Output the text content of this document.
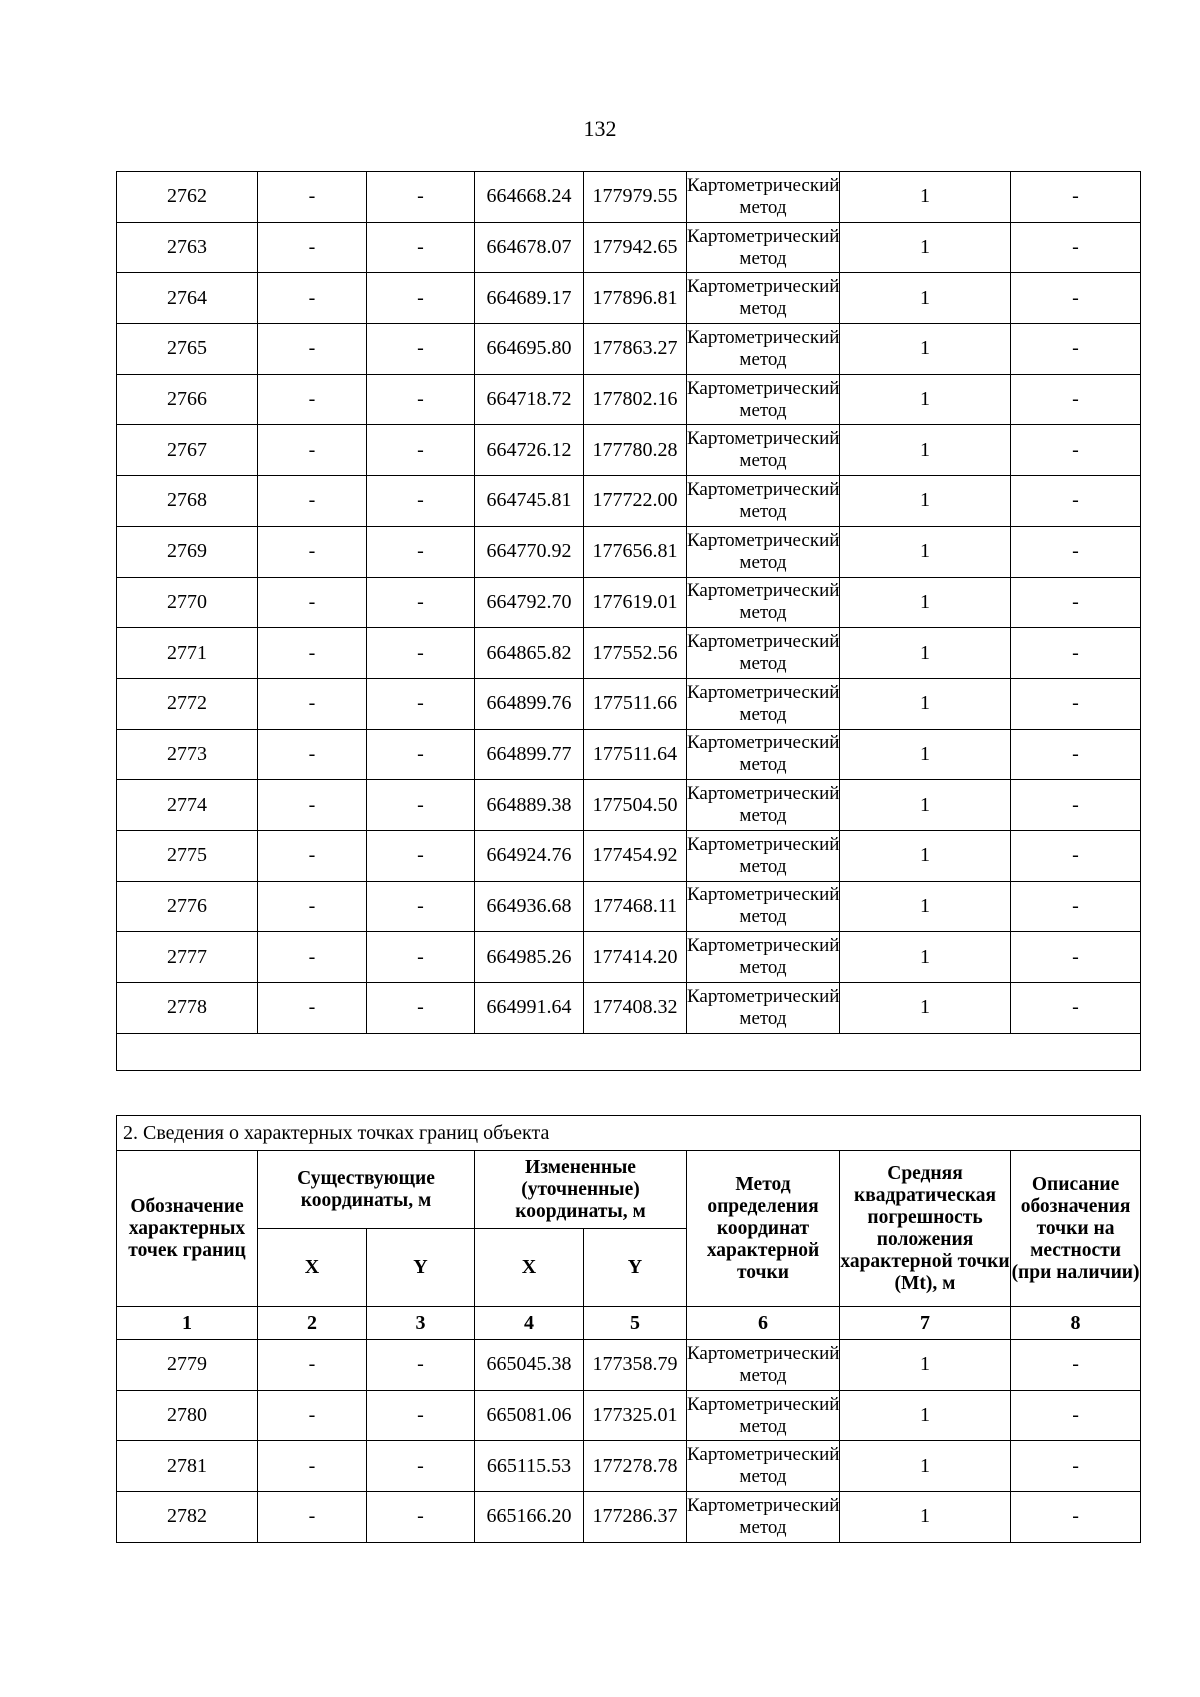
132
2762	-	-	664668.24	177979.55	Картометрический метод	1	-
2763	-	-	664678.07	177942.65	Картометрический метод	1	-
2764	-	-	664689.17	177896.81	Картометрический метод	1	-
2765	-	-	664695.80	177863.27	Картометрический метод	1	-
2766	-	-	664718.72	177802.16	Картометрический метод	1	-
2767	-	-	664726.12	177780.28	Картометрический метод	1	-
2768	-	-	664745.81	177722.00	Картометрический метод	1	-
2769	-	-	664770.92	177656.81	Картометрический метод	1	-
2770	-	-	664792.70	177619.01	Картометрический метод	1	-
2771	-	-	664865.82	177552.56	Картометрический метод	1	-
2772	-	-	664899.76	177511.66	Картометрический метод	1	-
2773	-	-	664899.77	177511.64	Картометрический метод	1	-
2774	-	-	664889.38	177504.50	Картометрический метод	1	-
2775	-	-	664924.76	177454.92	Картометрический метод	1	-
2776	-	-	664936.68	177468.11	Картометрический метод	1	-
2777	-	-	664985.26	177414.20	Картометрический метод	1	-
2778	-	-	664991.64	177408.32	Картометрический метод	1	-

2. Сведения о характерных точках границ объекта							
Обозначение характерных точек границ	Существующие координаты, м		Измененные (уточненные) координаты, м		Метод определения координат характерной точки	Средняя квадратическая погрешность положения характерной точки (Mt), м	Описание обозначения точки на местности (при наличии)
	X	Y	X	Y			
1	2	3	4	5	6	7	8
2779	-	-	665045.38	177358.79	Картометрический метод	1	-
2780	-	-	665081.06	177325.01	Картометрический метод	1	-
2781	-	-	665115.53	177278.78	Картометрический метод	1	-
2782	-	-	665166.20	177286.37	Картометрический метод	1	-
